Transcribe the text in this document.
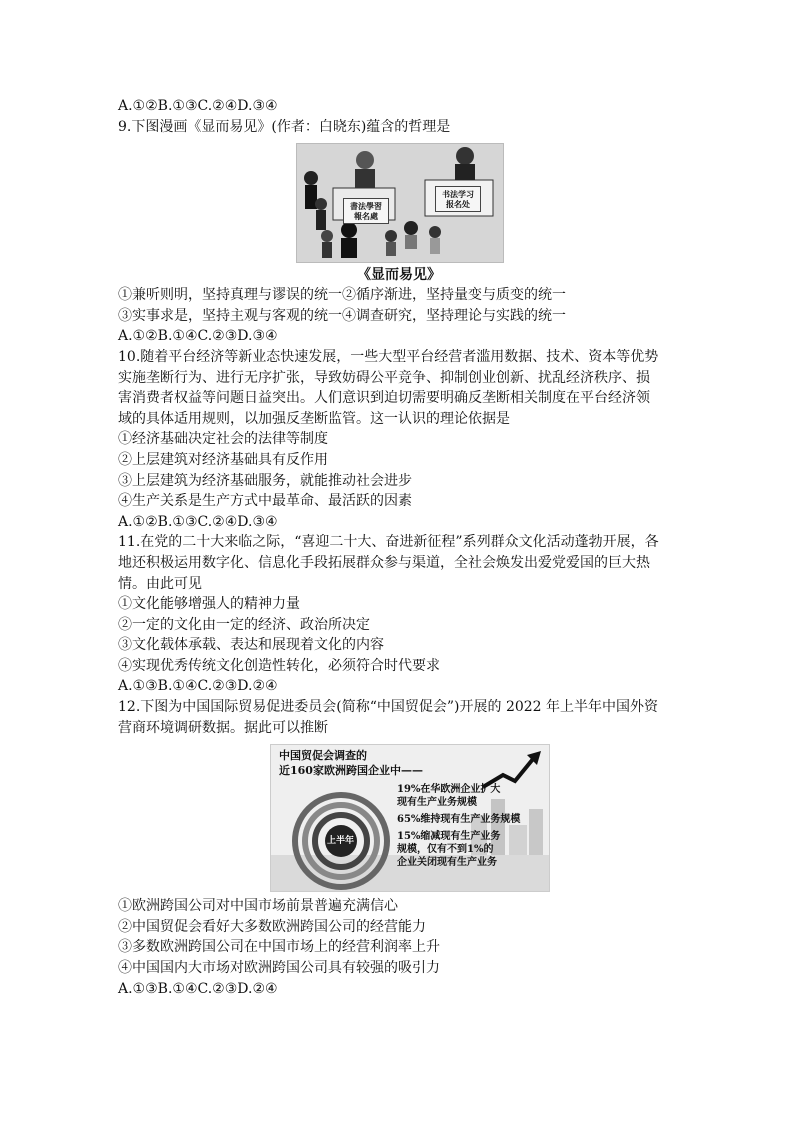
A.①②B.①③C.②④D.③④
9.下图漫画《显而易见》(作者：白晓东)蕴含的哲理是
書法學習
報名處
书法学习
报名处
《显而易见》
①兼听则明，坚持真理与谬误的统一②循序渐进，坚持量变与质变的统一
③实事求是，坚持主观与客观的统一④调查研究，坚持理论与实践的统一
A.①②B.①④C.②③D.③④
10.随着平台经济等新业态快速发展，一些大型平台经营者滥用数据、技术、资本等优势
实施垄断行为、进行无序扩张，导致妨碍公平竞争、抑制创业创新、扰乱经济秩序、损
害消费者权益等问题日益突出。人们意识到迫切需要明确反垄断相关制度在平台经济领
域的具体适用规则，以加强反垄断监管。这一认识的理论依据是
①经济基础决定社会的法律等制度
②上层建筑对经济基础具有反作用
③上层建筑为经济基础服务，就能推动社会进步
④生产关系是生产方式中最革命、最活跃的因素
A.①②B.①③C.②④D.③④
11.在党的二十大来临之际，“喜迎二十大、奋进新征程”系列群众文化活动蓬勃开展，各
地还积极运用数字化、信息化手段拓展群众参与渠道，全社会焕发出爱党爱国的巨大热
情。由此可见
①文化能够增强人的精神力量
②一定的文化由一定的经济、政治所决定
③文化载体承载、表达和展现着文化的内容
④实现优秀传统文化创造性转化，必须符合时代要求
A.①③B.①④C.②③D.②④
12.下图为中国国际贸易促进委员会(简称“中国贸促会”)开展的 2022 年上半年中国外资
营商环境调研数据。据此可以推断
中国贸促会调查的
近160家欧洲跨国企业中——
19%在华欧洲企业扩大
现有生产业务规模
65%维持现有生产业务规模
15%缩减现有生产业务
规模，仅有不到1%的
企业关闭现有生产业务
上半年
①欧洲跨国公司对中国市场前景普遍充满信心
②中国贸促会看好大多数欧洲跨国公司的经营能力
③多数欧洲跨国公司在中国市场上的经营利润率上升
④中国国内大市场对欧洲跨国公司具有较强的吸引力
A.①③B.①④C.②③D.②④
